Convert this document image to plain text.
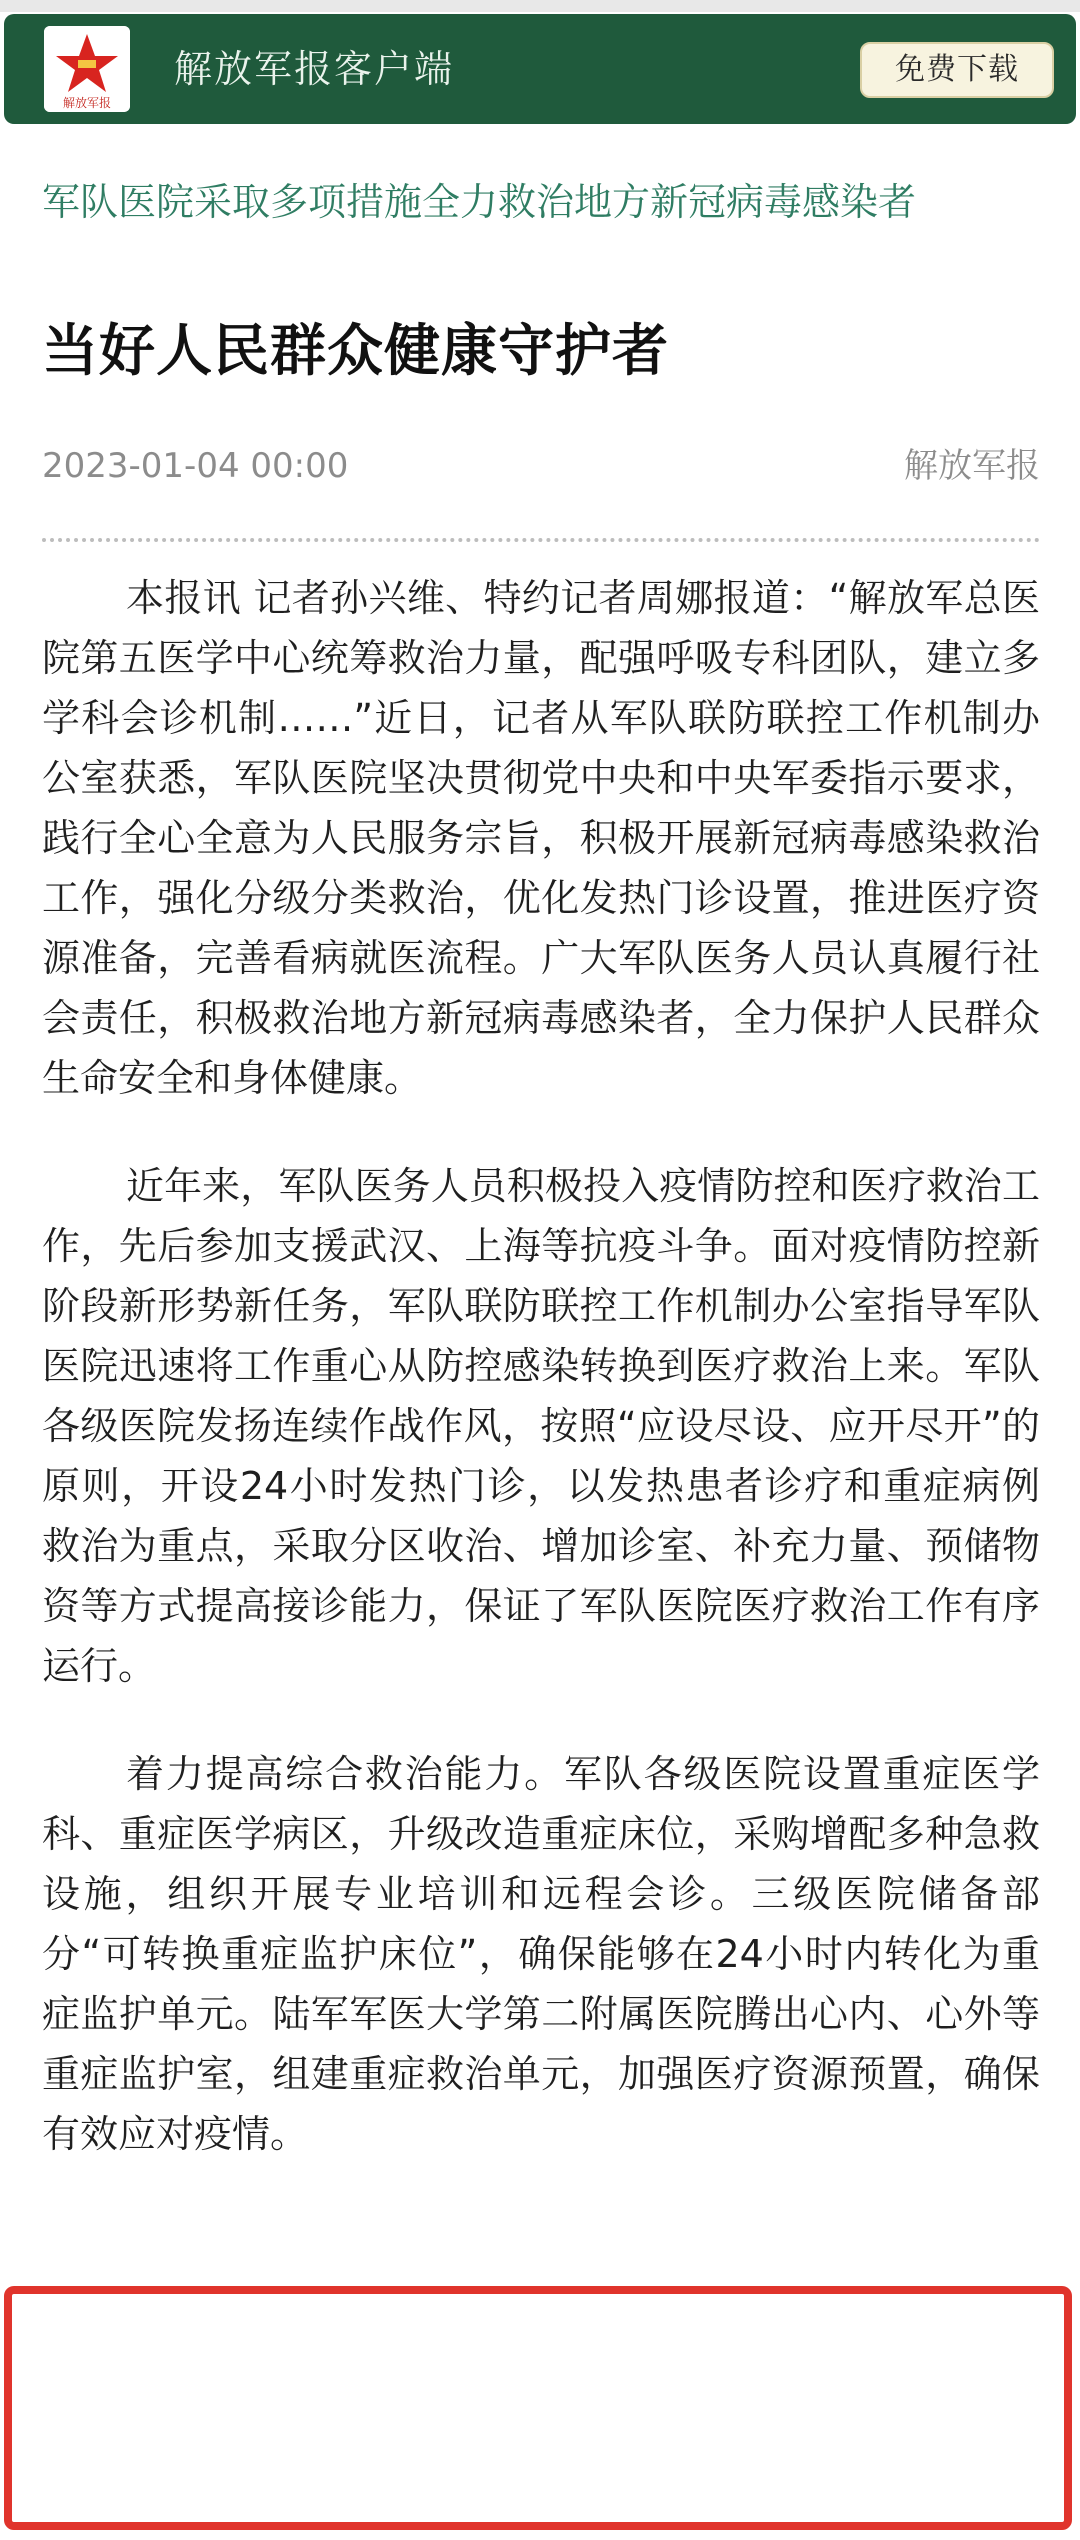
解放军报
解放军报客户端	免费下载
军队医院采取多项措施全力救治地方新冠病毒感染者
当好人民群众健康守护者
2023-01-04 00:00	解放军报

本报讯 记者孙兴维、特约记者周娜报道：“解放军总医院第五医学中心统筹救治力量，配强呼吸专科团队，建立多学科会诊机制……”近日，记者从军队联防联控工作机制办公室获悉，军队医院坚决贯彻党中央和中央军委指示要求，践行全心全意为人民服务宗旨，积极开展新冠病毒感染救治工作，强化分级分类救治，优化发热门诊设置，推进医疗资源准备，完善看病就医流程。广大军队医务人员认真履行社会责任，积极救治地方新冠病毒感染者，全力保护人民群众生命安全和身体健康。

近年来，军队医务人员积极投入疫情防控和医疗救治工作，先后参加支援武汉、上海等抗疫斗争。面对疫情防控新阶段新形势新任务，军队联防联控工作机制办公室指导军队医院迅速将工作重心从防控感染转换到医疗救治上来。军队各级医院发扬连续作战作风，按照“应设尽设、应开尽开”的原则，开设24小时发热门诊，以发热患者诊疗和重症病例救治为重点，采取分区收治、增加诊室、补充力量、预储物资等方式提高接诊能力，保证了军队医院医疗救治工作有序运行。

着力提高综合救治能力。军队各级医院设置重症医学科、重症医学病区，升级改造重症床位，采购增配多种急救设施，组织开展专业培训和远程会诊。三级医院储备部分“可转换重症监护床位”，确保能够在24小时内转化为重症监护单元。陆军军医大学第二附属医院腾出心内、心外等重症监护室，组建重症救治单元，加强医疗资源预置，确保有效应对疫情。
